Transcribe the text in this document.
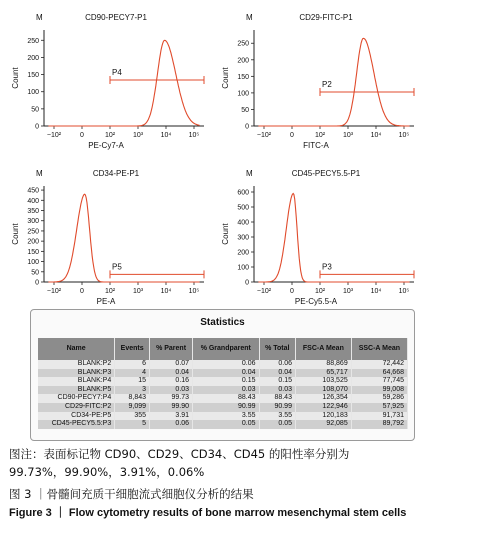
M	CD90-PECY7-P1
0
50
100
150
200
250
−10²	0	10²	10³	10⁴ 10⁵
PE-Cy7-A
Count	P4
M	CD29-FITC-P1
0
50
100
150
200
250
−10²	0	10²	10³	10⁴ 10⁵
FITC-A
Count	P2
M	CD34-PE-P1
0
50
100
150
200
250
300
350
400
450
−10²	0	10²	10³	10⁴ 10⁵
PE-A
Count
P5
M	CD45-PECY5.5-P1
0
100
200
300
400
500
600
−10²	0	10²	10³	10⁴ 10⁵
PE-Cy5.5-A
Count
P3
Statistics
Name	Events	% Parent	% Grandparent	% Total	FSC-A Mean	SSC-A Mean
BLANK:P2	6	0.07	0.06	0.06	88,869	72,442
BLANK:P3	4	0.04	0.04	0.04	65,717	64,668
BLANK:P4	15	0.16	0.15	0.15	103,525	77,745
BLANK:P5	3	0.03	0.03	0.03	108,070	99,008
CD90-PECY7:P4	8,843	99.73	88.43	88.43	126,354	59,286
CD29-FITC:P2	9,099	99.90	90.99	90.99	122,946	57,925
CD34-PE:P5	355	3.91	3.55	3.55	120,183	91,731
CD45-PECY5.5:P3	5	0.06	0.05	0.05	92,085	89,792
图注：表面标记物 CD90、CD29、CD34、CD45 的阳性率分别为
99.73%，99.90%，3.91%，0.06%
图 3 ｜骨髓间充质干细胞流式细胞仪分析的结果
Figure 3 ｜ Flow cytometry results of bone marrow mesenchymal stem cells
